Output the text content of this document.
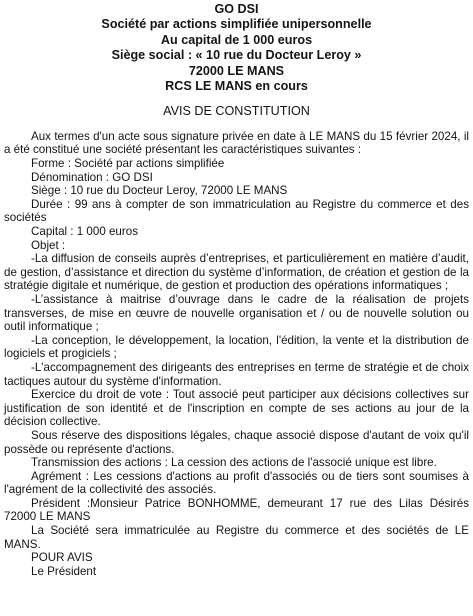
GO DSI
Société par actions simplifiée unipersonnelle
Au capital de 1 000 euros
Siège social : « 10 rue du Docteur Leroy »
72000 LE MANS
RCS LE MANS en cours
AVIS DE CONSTITUTION

Aux termes d'un acte sous signature privée en date à LE MANS du 15 février 2024, il a été constitué une société présentant les caractéristiques suivantes :

Forme : Société par actions simplifiée

Dénomination : GO DSI

Siège : 10 rue du Docteur Leroy, 72000 LE MANS

Durée : 99 ans à compter de son immatriculation au Registre du commerce et des sociétés

Capital : 1 000 euros

Objet :

-La diffusion de conseils auprès d’entreprises, et particulièrement en matière d’audit, de gestion, d’assistance et direction du système d’information, de création et gestion de la stratégie digitale et numérique, de gestion et production des opérations informatiques ;

-L’assistance à maitrise d’ouvrage dans le cadre de la réalisation de projets transverses, de mise en œuvre de nouvelle organisation et / ou de nouvelle solution ou outil informatique ;

-La conception, le développement, la location, l'édition, la vente et la distribution de logiciels et progiciels ;

-L'accompagnement des dirigeants des entreprises en terme de stratégie et de choix tactiques autour du système d'information.

Exercice du droit de vote : Tout associé peut participer aux décisions collectives sur justification de son identité et de l'inscription en compte de ses actions au jour de la décision collective.

Sous réserve des dispositions légales, chaque associé dispose d'autant de voix qu'il possède ou représente d'actions.

Transmission des actions : La cession des actions de l'associé unique est libre.

Agrément : Les cessions d'actions au profit d'associés ou de tiers sont soumises à l'agrément de la collectivité des associés.

Président :Monsieur Patrice BONHOMME, demeurant 17 rue des Lilas Désirés 72000 LE MANS

La Société sera immatriculée au Registre du commerce et des sociétés de LE MANS.

POUR AVIS

Le Président
